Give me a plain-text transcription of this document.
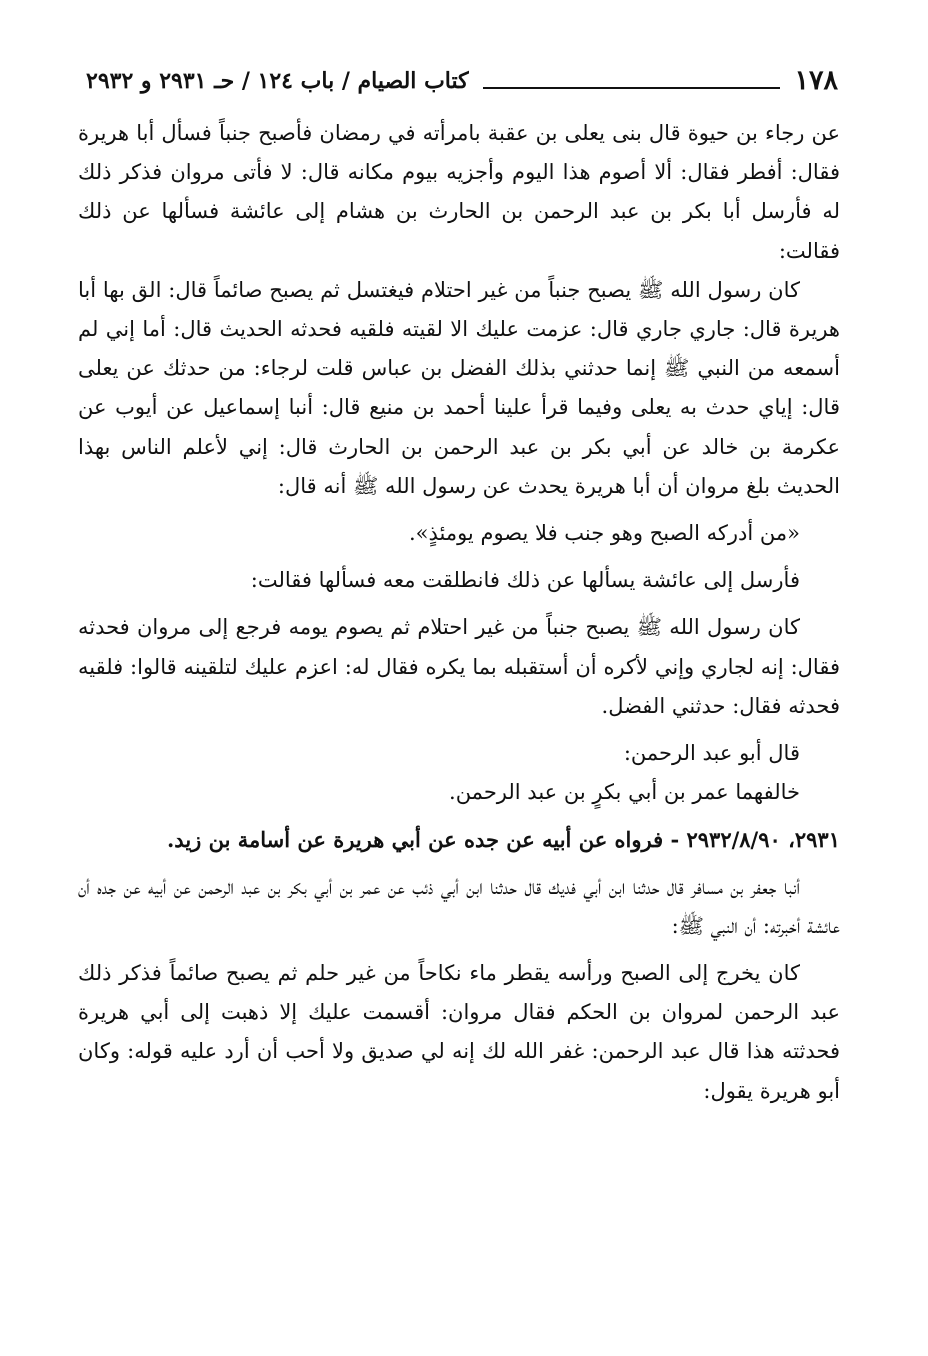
١٧٨
كتاب الصيام / باب ١٢٤ / حـ ٢٩٣١ و ٢٩٣٢

عن رجاء بن حيوة قال بنى يعلى بن عقبة بامرأته في رمضان فأصبح جنباً فسأل أبا هريرة فقال: أفطر فقال: ألا أصوم هذا اليوم وأجزيه بيوم مكانه قال: لا فأتى مروان فذكر ذلك له فأرسل أبا بكر بن عبد الرحمن بن الحارث بن هشام إلى عائشة فسألها عن ذلك فقالت:

كان رسول الله ﷺ يصبح جنباً من غير احتلام فيغتسل ثم يصبح صائماً قال: الق بها أبا هريرة قال: جاري جاري قال: عزمت عليك الا لقيته فلقيه فحدثه الحديث قال: أما إني لم أسمعه من النبي ﷺ إنما حدثني بذلك الفضل بن عباس قلت لرجاء: من حدثك عن يعلى قال: إياي حدث به يعلى وفيما قرأ علينا أحمد بن منيع قال: أنبا إسماعيل عن أيوب عن عكرمة بن خالد عن أبي بكر بن عبد الرحمن بن الحارث قال: إني لأعلم الناس بهذا الحديث بلغ مروان أن أبا هريرة يحدث عن رسول الله ﷺ أنه قال:

«من أدركه الصبح وهو جنب فلا يصوم يومئذٍ».

فأرسل إلى عائشة يسألها عن ذلك فانطلقت معه فسألها فقالت:

كان رسول الله ﷺ يصبح جنباً من غير احتلام ثم يصوم يومه فرجع إلى مروان فحدثه فقال: إنه لجاري وإني لأكره أن أستقبله بما يكره فقال له: اعزم عليك لتلقينه قالوا: فلقيه فحدثه فقال: حدثني الفضل.

قال أبو عبد الرحمن:

خالفهما عمر بن أبي بكرٍ بن عبد الرحمن.

٢٩٣١، ٢٩٣٢/٨/٩٠ - فرواه عن أبيه عن جده عن أبي هريرة عن أسامة بن زيد.

أنبا جعفر بن مسافر قال حدثنا ابن أبي فديك قال حدثنا ابن أبي ذئب عن عمر بن أبي بكر بن عبد الرحمن عن أبيه عن جده أن عائشة أخبرته: أن النبي ﷺ:

كان يخرج إلى الصبح ورأسه يقطر ماء نكاحاً من غير حلم ثم يصبح صائماً فذكر ذلك عبد الرحمن لمروان بن الحكم فقال مروان: أقسمت عليك إلا ذهبت إلى أبي هريرة فحدثته هذا قال عبد الرحمن: غفر الله لك إنه لي صديق ولا أحب أن أرد عليه قوله: وكان أبو هريرة يقول:
